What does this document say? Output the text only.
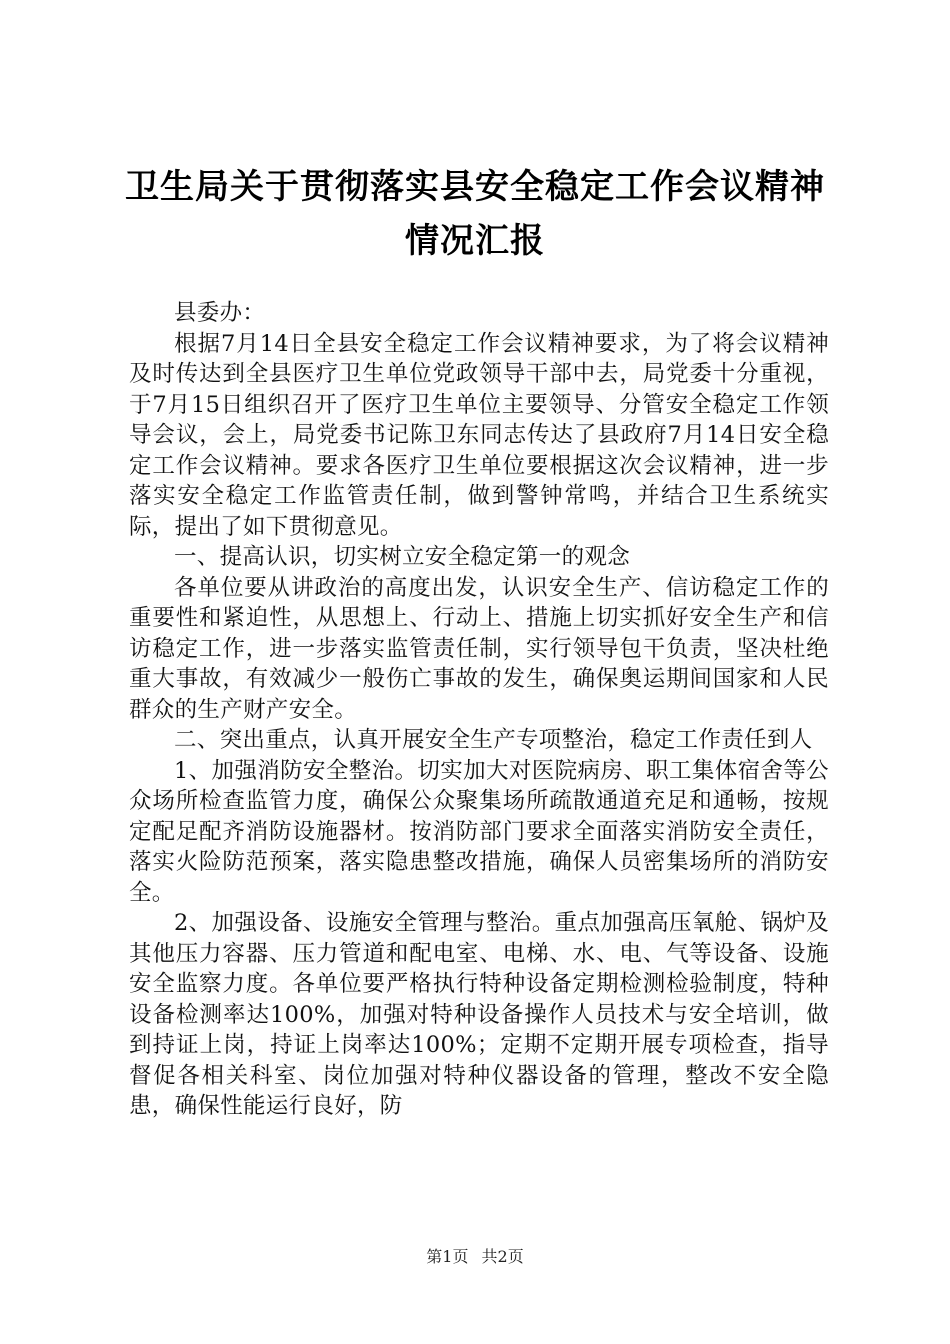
卫生局关于贯彻落实县安全稳定工作会议精神
情况汇报

县委办：

根据7月14日全县安全稳定工作会议精神要求，为了将会议精神及时传达到全县医疗卫生单位党政领导干部中去，局党委十分重视，于7月15日组织召开了医疗卫生单位主要领导、分管安全稳定工作领导会议，会上，局党委书记陈卫东同志传达了县政府7月14日安全稳定工作会议精神。要求各医疗卫生单位要根据这次会议精神，进一步落实安全稳定工作监管责任制，做到警钟常鸣，并结合卫生系统实际，提出了如下贯彻意见。

一、提高认识，切实树立安全稳定第一的观念

各单位要从讲政治的高度出发，认识安全生产、信访稳定工作的重要性和紧迫性，从思想上、行动上、措施上切实抓好安全生产和信访稳定工作，进一步落实监管责任制，实行领导包干负责，坚决杜绝重大事故，有效减少一般伤亡事故的发生，确保奥运期间国家和人民群众的生产财产安全。

二、突出重点，认真开展安全生产专项整治，稳定工作责任到人

1、加强消防安全整治。切实加大对医院病房、职工集体宿舍等公众场所检查监管力度，确保公众聚集场所疏散通道充足和通畅，按规定配足配齐消防设施器材。按消防部门要求全面落实消防安全责任，落实火险防范预案，落实隐患整改措施，确保人员密集场所的消防安全。

2、加强设备、设施安全管理与整治。重点加强高压氧舱、锅炉及其他压力容器、压力管道和配电室、电梯、水、电、气等设备、设施安全监察力度。各单位要严格执行特种设备定期检测检验制度，特种设备检测率达100%，加强对特种设备操作人员技术与安全培训，做到持证上岗，持证上岗率达100%；定期不定期开展专项检查，指导督促各相关科室、岗位加强对特种仪器设备的管理，整改不安全隐患，确保性能运行良好，防

第1页 共2页
